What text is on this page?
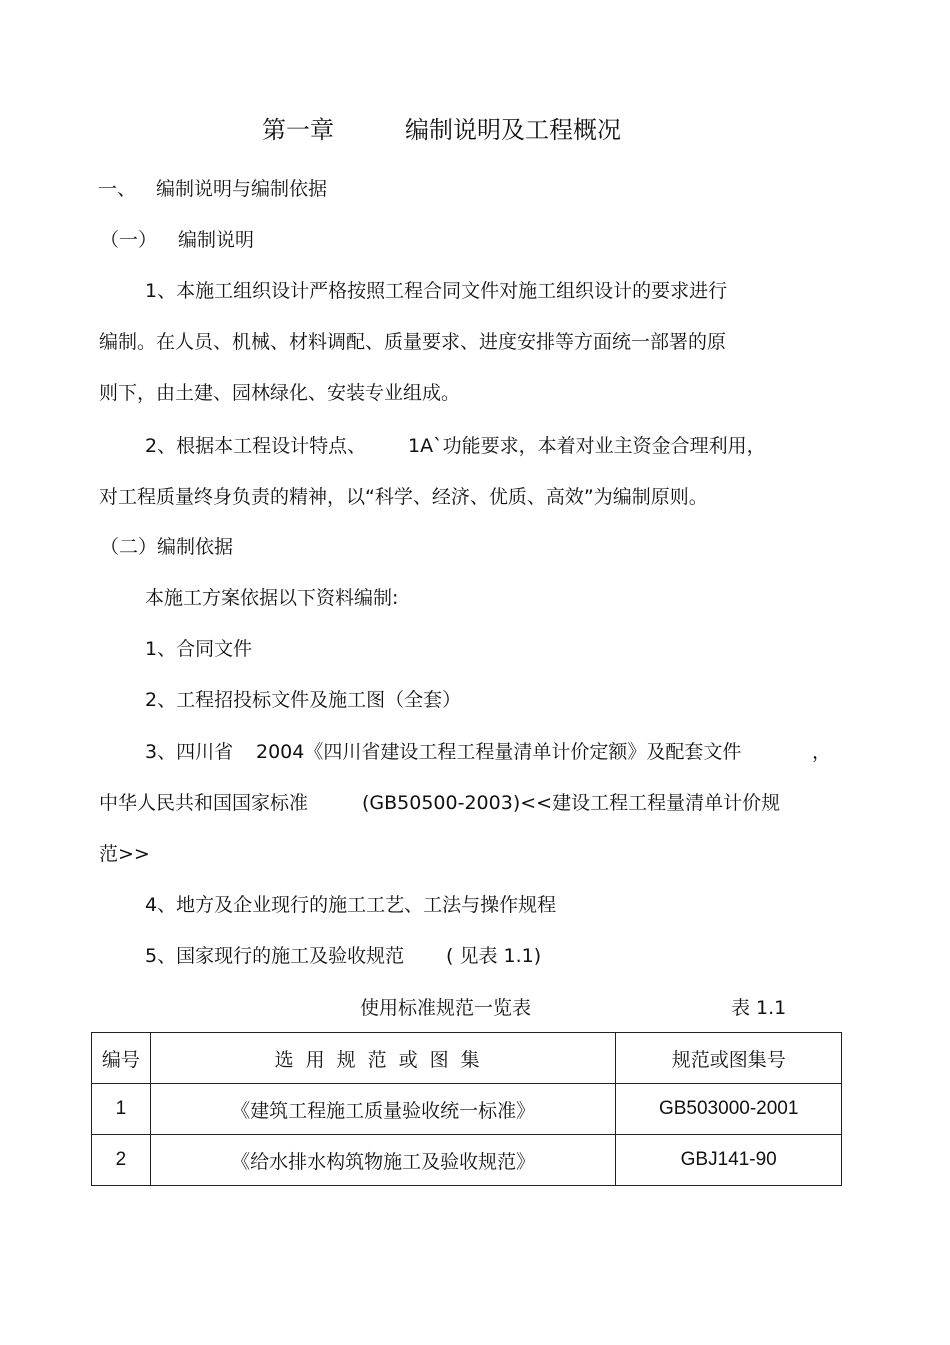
第一章	编制说明及工程概况
一、 编制说明与编制依据
（一） 编制说明
1、本施工组织设计严格按照工程合同文件对施工组织设计的要求进行
编制。在人员、机械、材料调配、质量要求、进度安排等方面统一部署的原
则下，由土建、园林绿化、安装专业组成。
2、根据本工程设计特点、 1A`功能要求，本着对业主资金合理利用，
对工程质量终身负责的精神，以“科学、经济、优质、高效”为编制原则。
（二）编制依据
本施工方案依据以下资料编制:
1、合同文件
2、工程招投标文件及施工图（全套）
3、四川省 2004《四川省建设工程工程量清单计价定额》及配套文件	，
中华人民共和国国家标准	(GB50500-2003)<<建设工程工程量清单计价规
范>>
4、地方及企业现行的施工工艺、工法与操作规程
5、国家现行的施工及验收规范 ( 见表 1.1)
使用标准规范一览表	表 1.1
编号	选用规范或图集	规范或图集号
1	《建筑工程施工质量验收统一标准》	GB503000-2001
2	《给水排水构筑物施工及验收规范》	GBJ141-90
